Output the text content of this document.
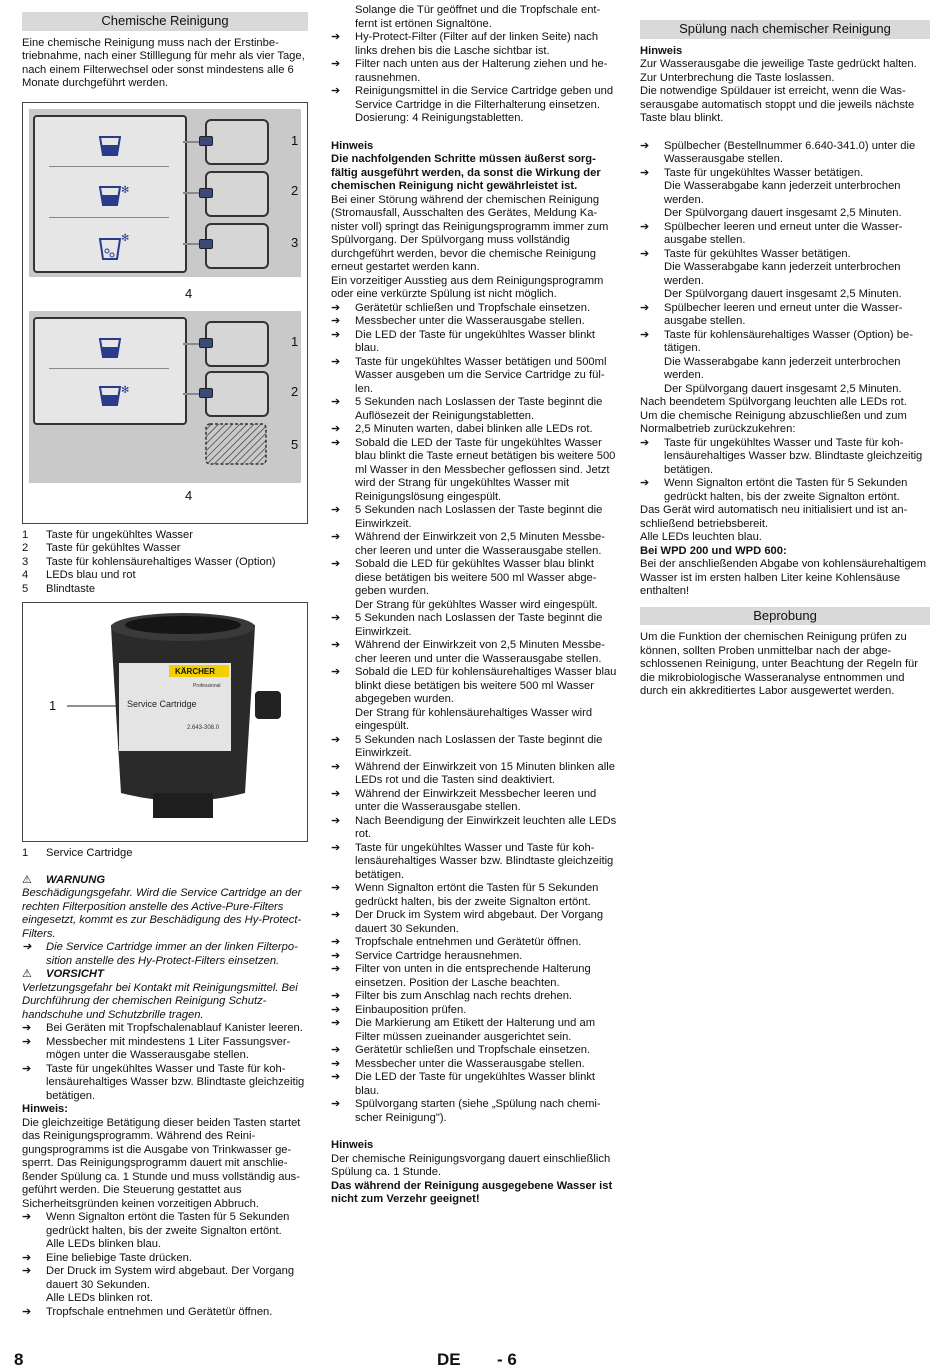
Chemische Reinigung

Eine chemische Reinigung muss nach der Erstinbetriebnahme, nach einer Stilllegung für mehr als vier Tage, nach einem Filterwechsel oder sonst mindestens alle 6 Monate durchgeführt werden.

✻
✻
1
2
3
4
✻
1
2
5
4
1	Taste für ungekühltes Wasser
2	Taste für gekühltes Wasser
3	Taste für kohlensäurehaltiges Wasser (Option)
4	LEDs blau und rot
5	Blindtaste
KÄRCHER
Professional
Service Cartridge
2.643-308.0
1
1	Service Cartridge
⚠	WARNUNG

Beschädigungsgefahr. Wird die Service Cartridge an der rechten Filterposition anstelle des Active-Pure-Filters eingesetzt, kommt es zur Beschädigung des Hy-Protect-Filters.

➔	Die Service Cartridge immer an der linken Filterposition anstelle des Hy-Protect-Filters einsetzen.
⚠	VORSICHT

Verletzungsgefahr bei Kontakt mit Reinigungsmittel. Bei Durchführung der chemischen Reinigung Schutzhandschuhe und Schutzbrille tragen.

➔	Bei Geräten mit Tropfschalenablauf Kanister leeren.
➔	Messbecher mit mindestens 1 Liter Fassungsvermögen unter die Wasserausgabe stellen.
➔	Taste für ungekühltes Wasser und Taste für kohlensäurehaltiges Wasser bzw. Blindtaste gleichzeitig betätigen.

Hinweis:

Die gleichzeitige Betätigung dieser beiden Tasten startet das Reinigungsprogramm. Während des Reinigungsprogramms ist die Ausgabe von Trinkwasser gesperrt. Das Reinigungsprogramm dauert mit anschließender Spülung ca. 1 Stunde und muss vollständig ausgeführt werden. Die Steuerung gestattet aus Sicherheitsgründen keinen vorzeitigen Abbruch.

➔	Wenn Signalton ertönt die Tasten für 5 Sekunden gedrückt halten, bis der zweite Signalton ertönt.
Alle LEDs blinken blau.
➔	Eine beliebige Taste drücken.
➔	Der Druck im System wird abgebaut. Der Vorgang dauert 30 Sekunden.
Alle LEDs blinken rot.
➔	Tropfschale entnehmen und Gerätetür öffnen.
Solange die Tür geöffnet und die Tropfschale entfernt ist ertönen Signaltöne.
➔	Hy-Protect-Filter (Filter auf der linken Seite) nach links drehen bis die Lasche sichtbar ist.
➔	Filter nach unten aus der Halterung ziehen und herausnehmen.
➔	Reinigungsmittel in die Service Cartridge geben und Service Cartridge in die Filterhalterung einsetzen.
Dosierung: 4 Reinigungstabletten.

Hinweis

Die nachfolgenden Schritte müssen äußerst sorgfältig ausgeführt werden, da sonst die Wirkung der chemischen Reinigung nicht gewährleistet ist.

Bei einer Störung während der chemischen Reinigung (Stromausfall, Ausschalten des Gerätes, Meldung Kanister voll) springt das Reinigungsprogramm immer zum Spülvorgang. Der Spülvorgang muss vollständig durchgeführt werden, bevor die chemische Reinigung erneut gestartet werden kann.

Ein vorzeitiger Ausstieg aus dem Reinigungsprogramm oder eine verkürzte Spülung ist nicht möglich.

➔	Gerätetür schließen und Tropfschale einsetzen.
➔	Messbecher unter die Wasserausgabe stellen.
➔	Die LED der Taste für ungekühltes Wasser blinkt blau.
➔	Taste für ungekühltes Wasser betätigen und 500ml Wasser ausgeben um die Service Cartridge zu füllen.
➔	5 Sekunden nach Loslassen der Taste beginnt die Auflösezeit der Reinigungstabletten.
➔	2,5 Minuten warten, dabei blinken alle LEDs rot.
➔	Sobald die LED der Taste für ungekühltes Wasser blau blinkt die Taste erneut betätigen bis weitere 500 ml Wasser in den Messbecher geflossen sind. Jetzt wird der Strang für ungekühltes Wasser mit Reinigungslösung eingespült.
➔	5 Sekunden nach Loslassen der Taste beginnt die Einwirkzeit.
➔	Während der Einwirkzeit von 2,5 Minuten Messbecher leeren und unter die Wasserausgabe stellen.
➔	Sobald die LED für gekühltes Wasser blau blinkt diese betätigen bis weitere 500 ml Wasser abgegeben wurden.
Der Strang für gekühltes Wasser wird eingespült.
➔	5 Sekunden nach Loslassen der Taste beginnt die Einwirkzeit.
➔	Während der Einwirkzeit von 2,5 Minuten Messbecher leeren und unter die Wasserausgabe stellen.
➔	Sobald die LED für kohlensäurehaltiges Wasser blau blinkt diese betätigen bis weitere 500 ml Wasser abgegeben wurden.
Der Strang für kohlensäurehaltiges Wasser wird eingespült.
➔	5 Sekunden nach Loslassen der Taste beginnt die Einwirkzeit.
➔	Während der Einwirkzeit von 15 Minuten blinken alle LEDs rot und die Tasten sind deaktiviert.
➔	Während der Einwirkzeit Messbecher leeren und unter die Wasserausgabe stellen.
➔	Nach Beendigung der Einwirkzeit leuchten alle LEDs rot.
➔	Taste für ungekühltes Wasser und Taste für kohlensäurehaltiges Wasser bzw. Blindtaste gleichzeitig betätigen.
➔	Wenn Signalton ertönt die Tasten für 5 Sekunden gedrückt halten, bis der zweite Signalton ertönt.
➔	Der Druck im System wird abgebaut. Der Vorgang dauert 30 Sekunden.
➔	Tropfschale entnehmen und Gerätetür öffnen.
➔	Service Cartridge herausnehmen.
➔	Filter von unten in die entsprechende Halterung einsetzen. Position der Lasche beachten.
➔	Filter bis zum Anschlag nach rechts drehen.
➔	Einbauposition prüfen.
➔	Die Markierung am Etikett der Halterung und am Filter müssen zueinander ausgerichtet sein.
➔	Gerätetür schließen und Tropfschale einsetzen.
➔	Messbecher unter die Wasserausgabe stellen.
➔	Die LED der Taste für ungekühltes Wasser blinkt blau.
➔	Spülvorgang starten (siehe „Spülung nach chemischer Reinigung").

Hinweis

Der chemische Reinigungsvorgang dauert einschließlich Spülung ca. 1 Stunde.

Das während der Reinigung ausgegebene Wasser ist nicht zum Verzehr geeignet!

Spülung nach chemischer Reinigung

Hinweis

Zur Wasserausgabe die jeweilige Taste gedrückt halten.
Zur Unterbrechung die Taste loslassen.
Die notwendige Spüldauer ist erreicht, wenn die Wasserausgabe automatisch stoppt und die jeweils nächste Taste blau blinkt.

➔	Spülbecher (Bestellnummer 6.640-341.0) unter die Wasserausgabe stellen.
➔	Taste für ungekühltes Wasser betätigen.
Die Wasserabgabe kann jederzeit unterbrochen werden.
Der Spülvorgang dauert insgesamt 2,5 Minuten.
➔	Spülbecher leeren und erneut unter die Wasserausgabe stellen.
➔	Taste für gekühltes Wasser betätigen.
Die Wasserabgabe kann jederzeit unterbrochen werden.
Der Spülvorgang dauert insgesamt 2,5 Minuten.
➔	Spülbecher leeren und erneut unter die Wasserausgabe stellen.
➔	Taste für kohlensäurehaltiges Wasser (Option) betätigen.
Die Wasserabgabe kann jederzeit unterbrochen werden.
Der Spülvorgang dauert insgesamt 2,5 Minuten.

Nach beendetem Spülvorgang leuchten alle LEDs rot.
Um die chemische Reinigung abzuschließen und zum Normalbetrieb zurückzukehren:

➔	Taste für ungekühltes Wasser und Taste für kohlensäurehaltiges Wasser bzw. Blindtaste gleichzeitig betätigen.
➔	Wenn Signalton ertönt die Tasten für 5 Sekunden gedrückt halten, bis der zweite Signalton ertönt.

Das Gerät wird automatisch neu initialisiert und ist anschließend betriebsbereit.
Alle LEDs leuchten blau.

Bei WPD 200 und WPD 600:

Bei der anschließenden Abgabe von kohlensäurehaltigem Wasser ist im ersten halben Liter keine Kohlensäuse enthalten!

Beprobung

Um die Funktion der chemischen Reinigung prüfen zu können, sollten Proben unmittelbar nach der abgeschlossenen Reinigung, unter Beachtung der Regeln für die mikrobiologische Wasseranalyse entnommen und durch ein akkreditiertes Labor ausgewertet werden.

8	DE - 6
